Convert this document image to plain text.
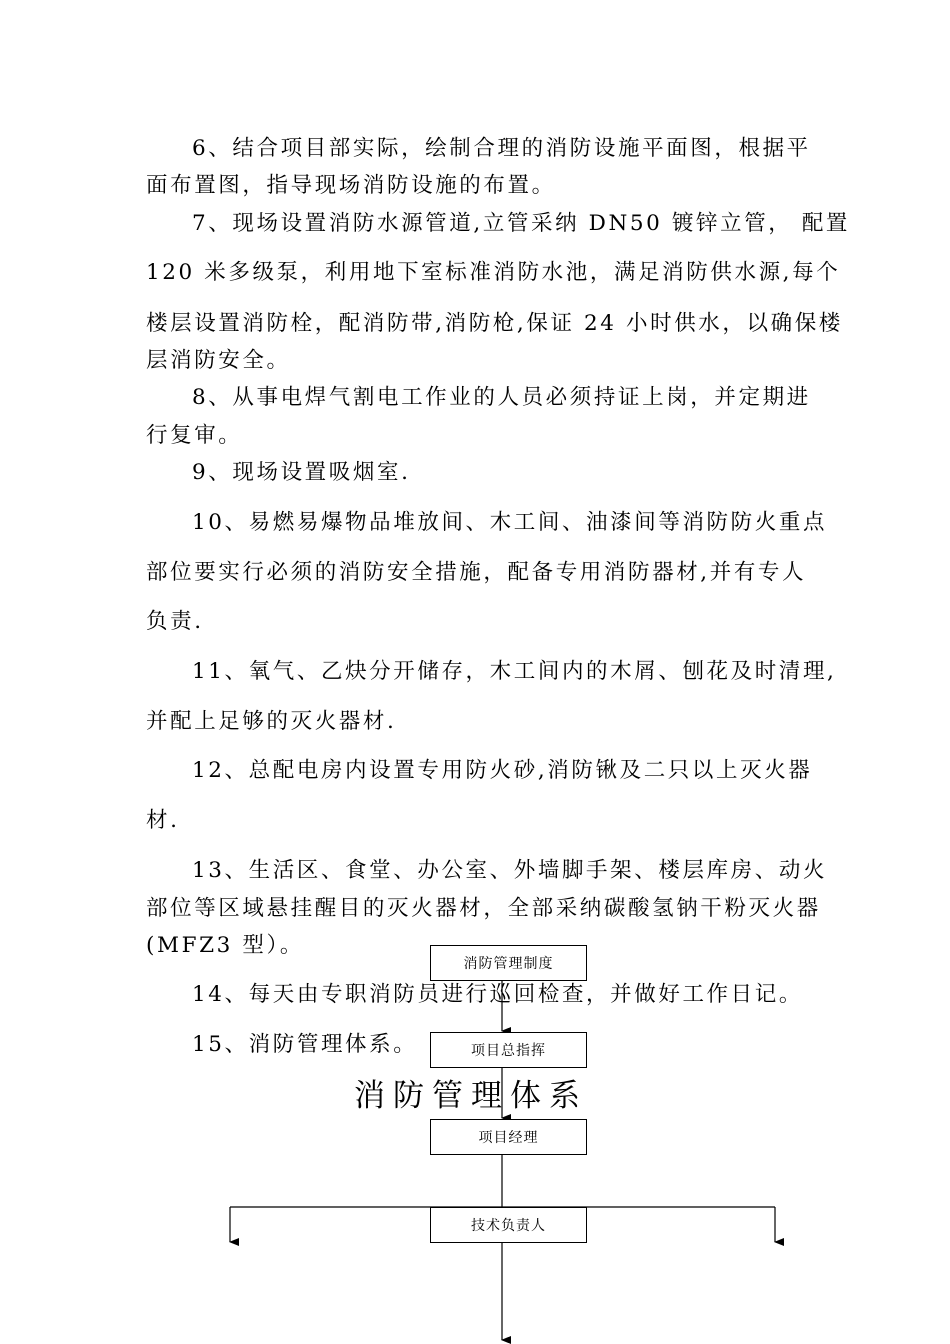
6、结合项目部实际，绘制合理的消防设施平面图，根据平
面布置图，指导现场消防设施的布置。
7、现场设置消防水源管道,立管采纳 DN50 镀锌立管， 配置
120 米多级泵，利用地下室标准消防水池，满足消防供水源,每个
楼层设置消防栓，配消防带,消防枪,保证 24 小时供水，以确保楼
层消防安全。
8、从事电焊气割电工作业的人员必须持证上岗，并定期进
行复审。
9、现场设置吸烟室.
10、易燃易爆物品堆放间、木工间、油漆间等消防防火重点
部位要实行必须的消防安全措施，配备专用消防器材,并有专人
负责.
11、氧气、乙炔分开储存，木工间内的木屑、刨花及时清理,
并配上足够的灭火器材.
12、总配电房内设置专用防火砂,消防锹及二只以上灭火器
材.
13、生活区、食堂、办公室、外墙脚手架、楼层库房、动火
部位等区域悬挂醒目的灭火器材，全部采纳碳酸氢钠干粉灭火器
(MFZ3 型）。
14、每天由专职消防员进行巡回检查，并做好工作日记。
15、消防管理体系。
消防管理体系
消防管理制度
项目总指挥
项目经理
技术负责人
